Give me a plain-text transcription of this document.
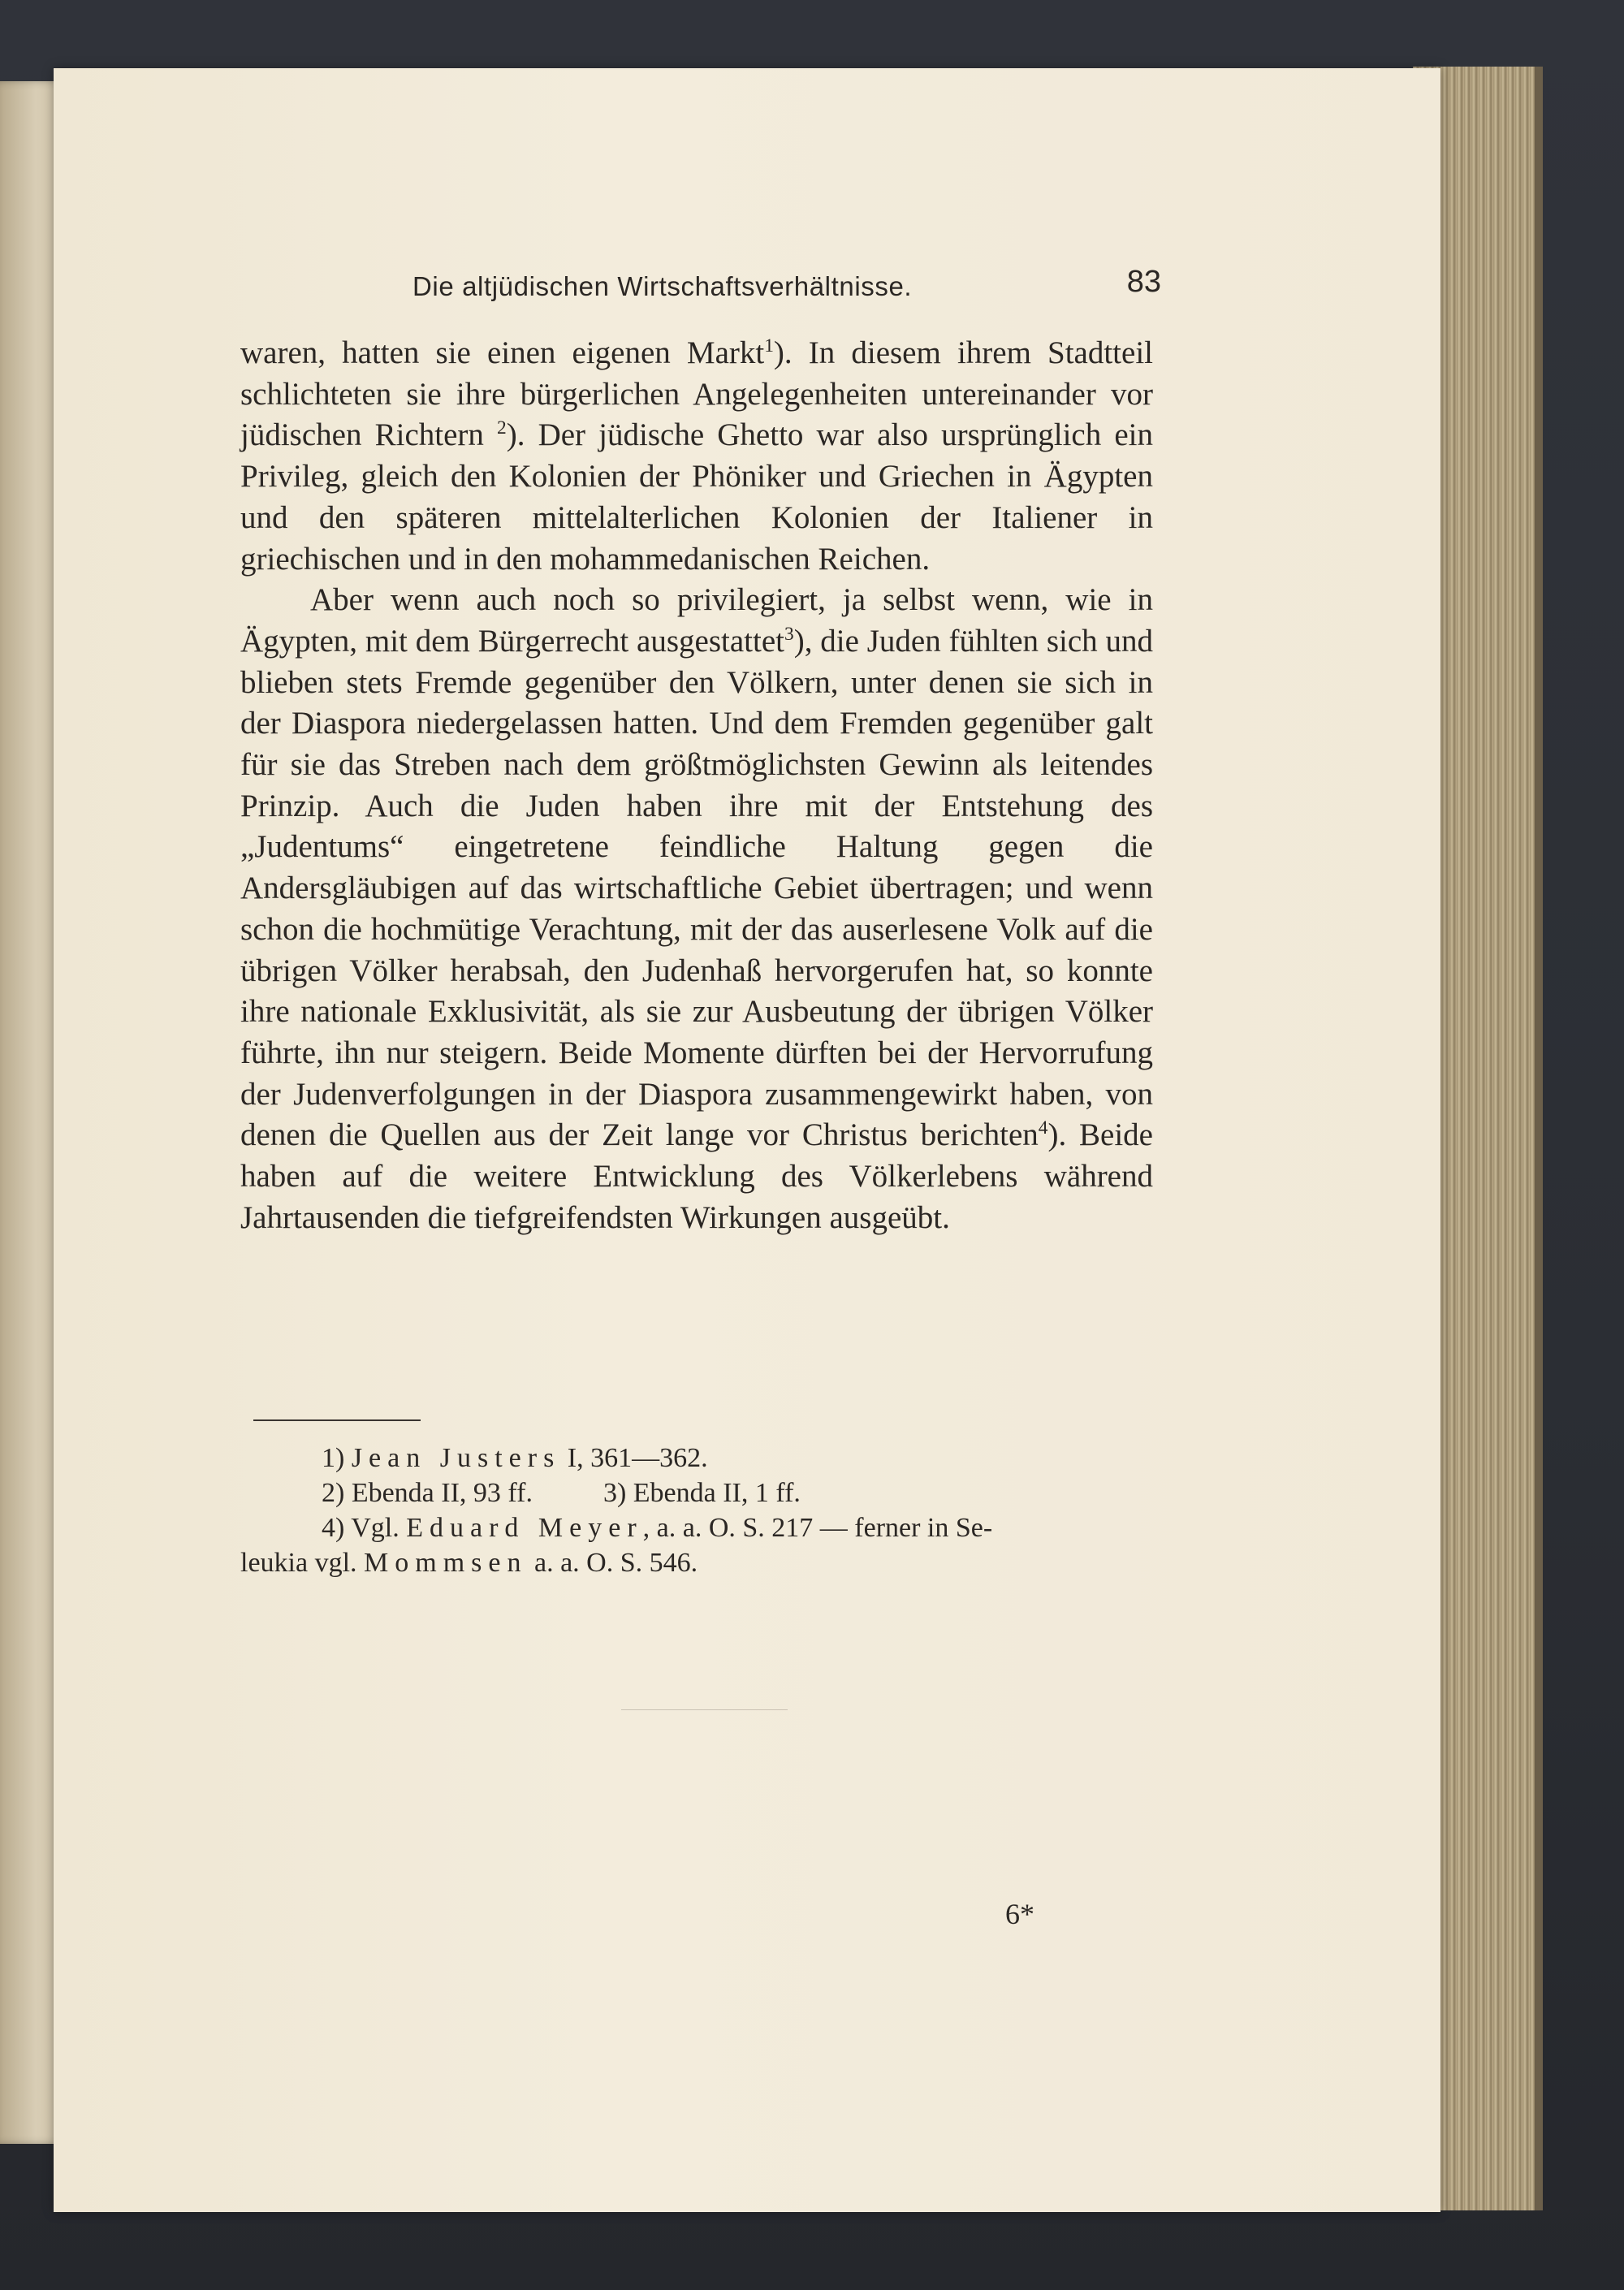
Die altjüdischen Wirtschaftsverhältnisse.	83

waren, hatten sie einen eigenen Markt$^1$). In diesem ihrem Stadtteil schlichteten sie ihre bürgerlichen Angelegenheiten untereinander vor jüdischen Richtern $^2$). Der jüdische Ghetto war also ursprünglich ein Privileg, gleich den Kolonien der Phöniker und Griechen in Ägypten und den späteren mittelalterlichen Kolonien der Italiener in griechischen und in den mohammedanischen Reichen.

Aber wenn auch noch so privilegiert, ja selbst wenn, wie in Ägypten, mit dem Bürgerrecht ausgestattet$^3$), die Juden fühlten sich und blieben stets Fremde gegenüber den Völkern, unter denen sie sich in der Diaspora niedergelassen hatten. Und dem Fremden gegenüber galt für sie das Streben nach dem größtmöglichsten Gewinn als leitendes Prinzip. Auch die Juden haben ihre mit der Entstehung des „Judentums“ eingetretene feindliche Haltung gegen die Andersgläubigen auf das wirtschaftliche Gebiet übertragen; und wenn schon die hochmütige Verachtung, mit der das auserlesene Volk auf die übrigen Völker herabsah, den Judenhaß hervorgerufen hat, so konnte ihre nationale Exklusivität, als sie zur Ausbeutung der übrigen Völker führte, ihn nur steigern. Beide Momente dürften bei der Hervorrufung der Judenverfolgungen in der Diaspora zusammengewirkt haben, von denen die Quellen aus der Zeit lange vor Christus berichten$^4$). Beide haben auf die weitere Entwicklung des Völkerlebens während Jahrtausenden die tiefgreifendsten Wirkungen ausgeübt.

1) Jean Justers I, 361—362.
2) Ebenda II, 93 ff.	3) Ebenda II, 1 ff.
4) Vgl. Eduard Meyer, a. a. O. S. 217 — ferner in Se-
leukia vgl. Mommsen a. a. O. S. 546.
6*
